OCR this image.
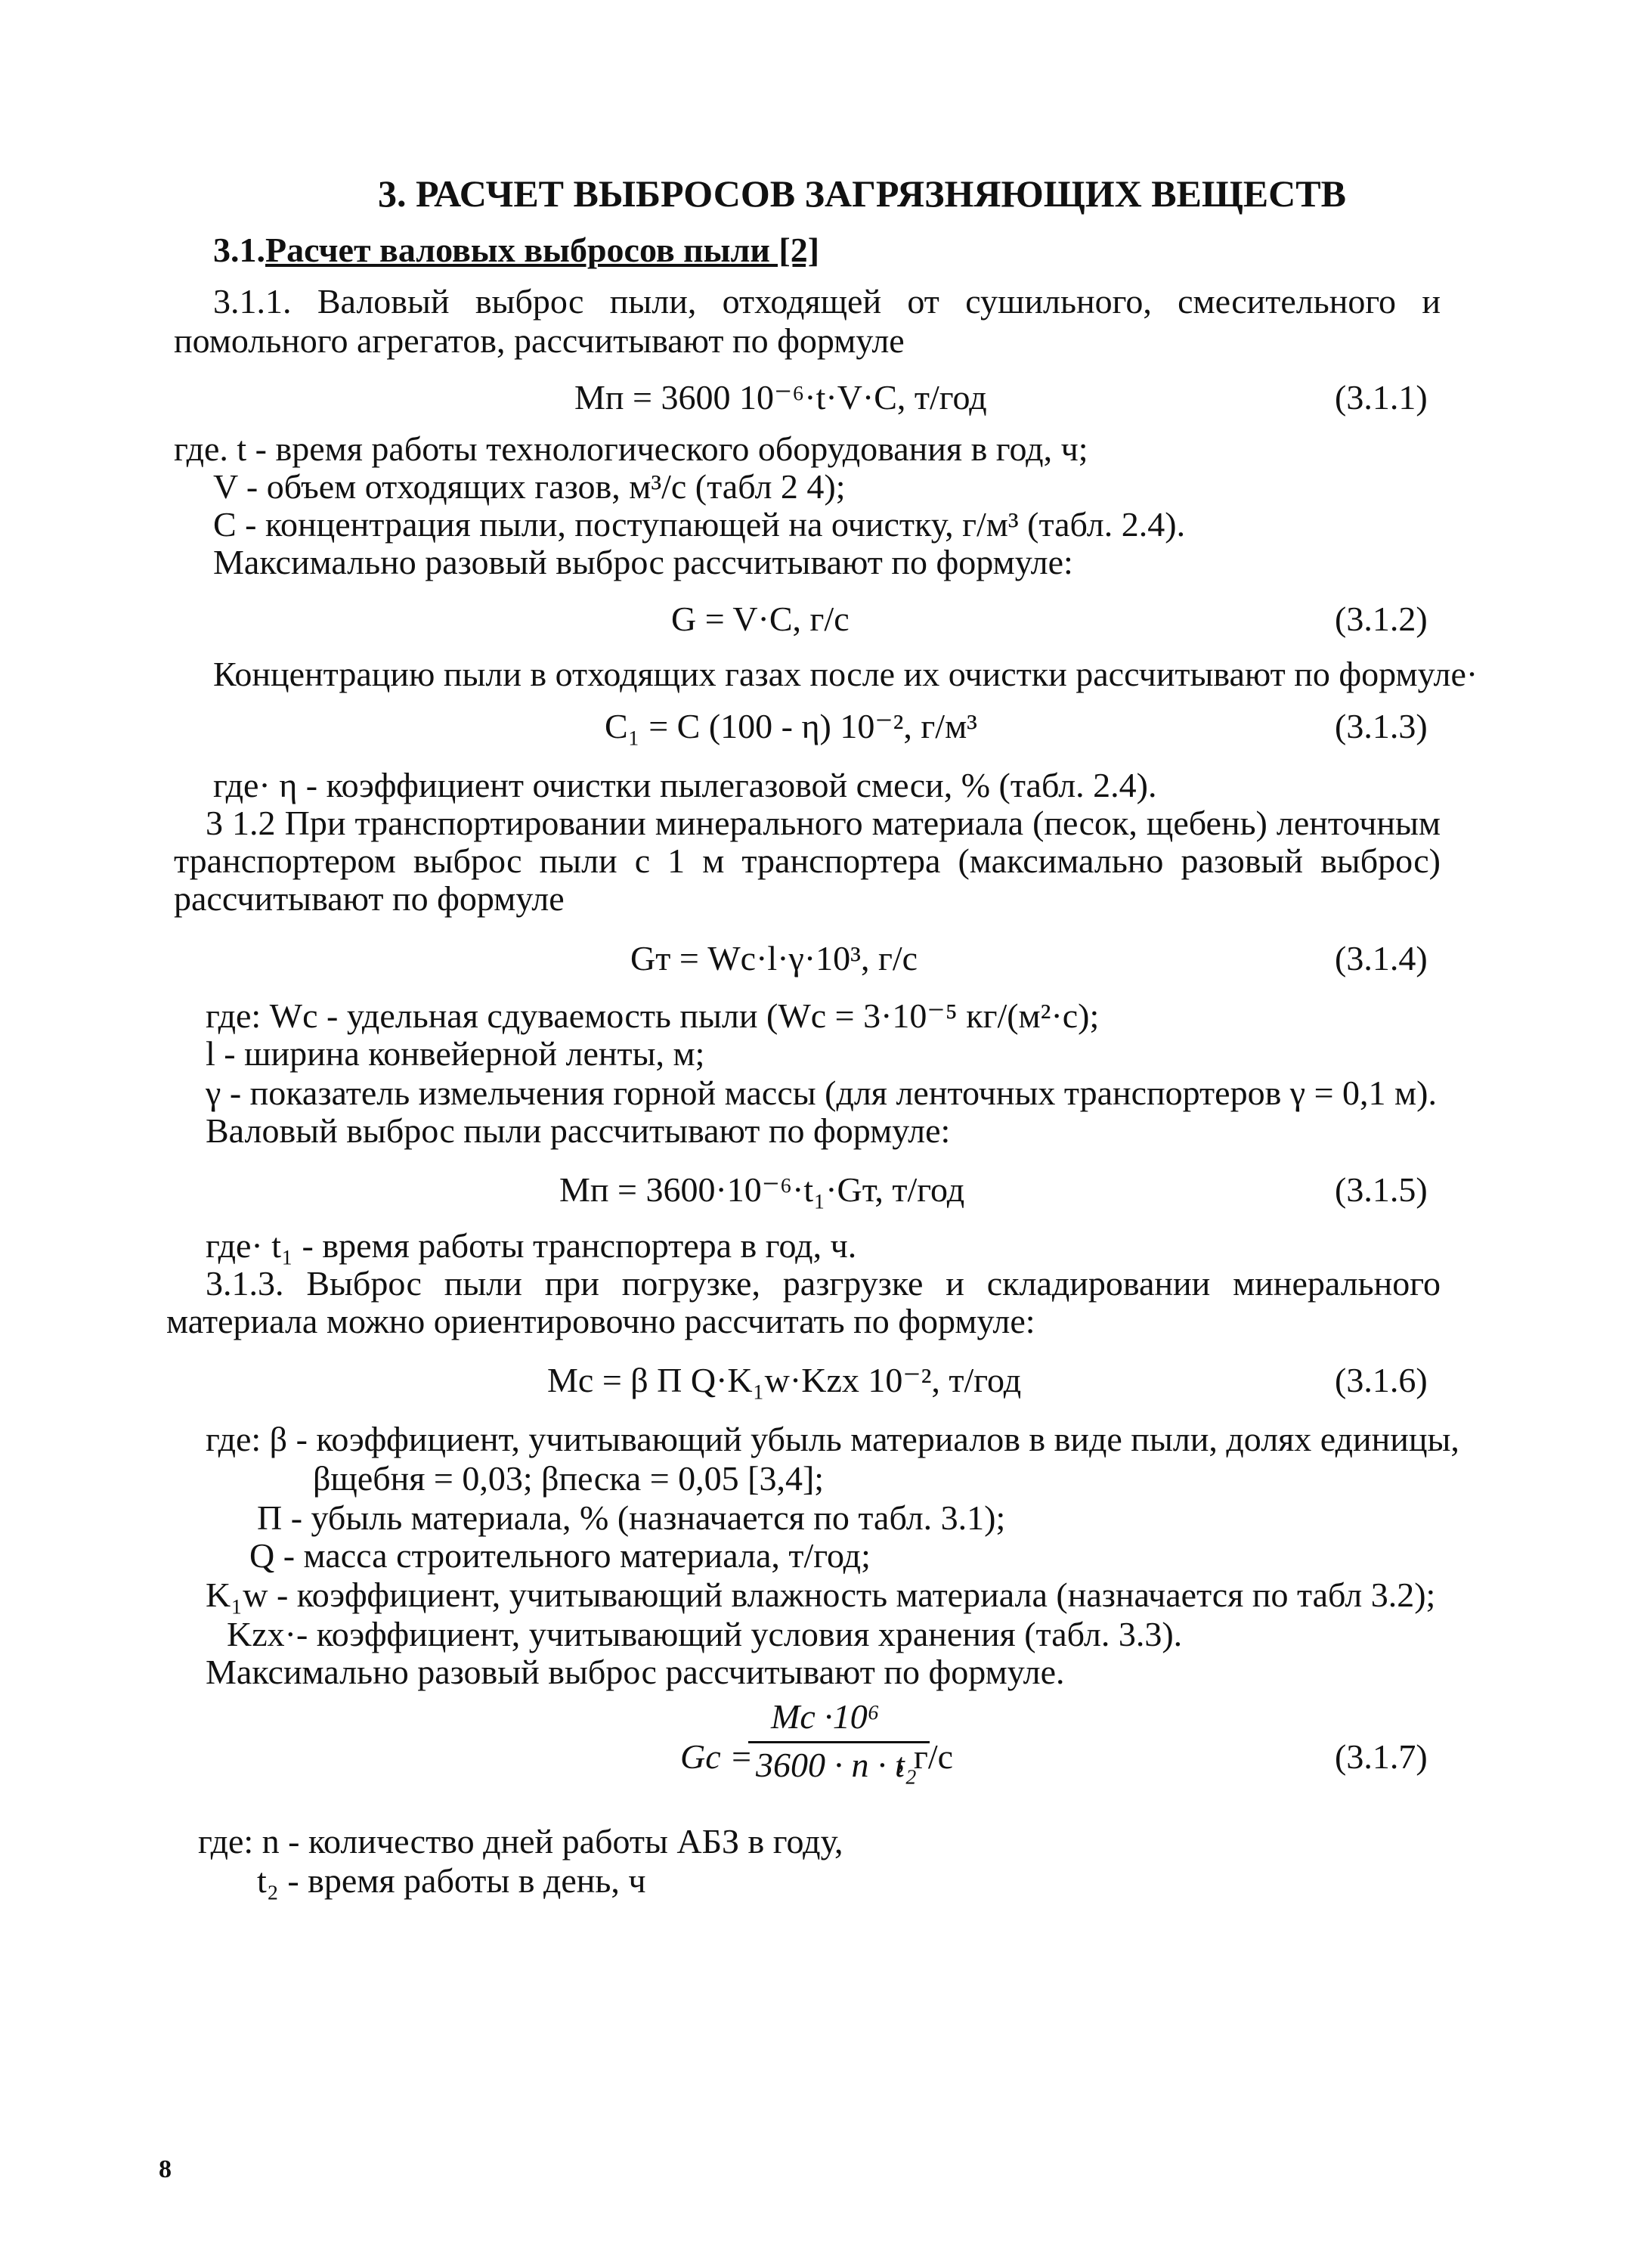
3. РАСЧЕТ ВЫБРОСОВ ЗАГРЯЗНЯЮЩИХ ВЕЩЕСТВ
3.1.Расчет валовых выбросов пыли [2]
3.1.1. Валовый выброс пыли, отходящей от сушильного, смесительного и
помольного агрегатов, рассчитывают по формуле
Mп = 3600 10⁻⁶·t·V·C, т/год	(3.1.1)
где. t - время работы технологического оборудования в год, ч;
V - объем отходящих газов, м³/с (табл 2 4);
C - концентрация пыли, поступающей на очистку, г/м³ (табл. 2.4).
Максимально разовый выброс рассчитывают по формуле:
G = V·C, г/с	(3.1.2)
Концентрацию пыли в отходящих газах после их очистки рассчитывают по формуле·
C₁ = C (100 - η) 10⁻², г/м³	(3.1.3)
где· η - коэффициент очистки пылегазовой смеси, % (табл. 2.4).
3 1.2 При транспортировании минерального материала (песок, щебень) ленточным
транспортером выброс пыли с 1 м транспортера (максимально разовый выброс)
рассчитывают по формуле
Gт = Wc·l·γ·10³, г/с	(3.1.4)
где: Wc - удельная сдуваемость пыли (Wc = 3·10⁻⁵ кг/(м²·с);
l - ширина конвейерной ленты, м;
γ - показатель измельчения горной массы (для ленточных транспортеров γ = 0,1 м).
Валовый выброс пыли рассчитывают по формуле:
Mп = 3600·10⁻⁶·t₁·Gт, т/год	(3.1.5)
где· t₁ - время работы транспортера в год, ч.
3.1.3. Выброс пыли при погрузке, разгрузке и складировании минерального
материала можно ориентировочно рассчитать по формуле:
Mc = β П Q·K₁w·Kzx 10⁻², т/год	(3.1.6)
где: β - коэффициент, учитывающий убыль материалов в виде пыли, долях единицы,
βщебня = 0,03; βпеска = 0,05 [3,4];
П - убыль материала, % (назначается по табл. 3.1);
Q - масса строительного материала, т/год;
K₁w - коэффициент, учитывающий влажность материала (назначается по табл 3.2);
Kzx·- коэффициент, учитывающий условия хранения (табл. 3.3).
Максимально разовый выброс рассчитывают по формуле.
Gc =
Mc ·10⁶
3600 · n · t₂
, г/с	(3.1.7)
где: n - количество дней работы АБЗ в году,
t₂ - время работы в день, ч
8
